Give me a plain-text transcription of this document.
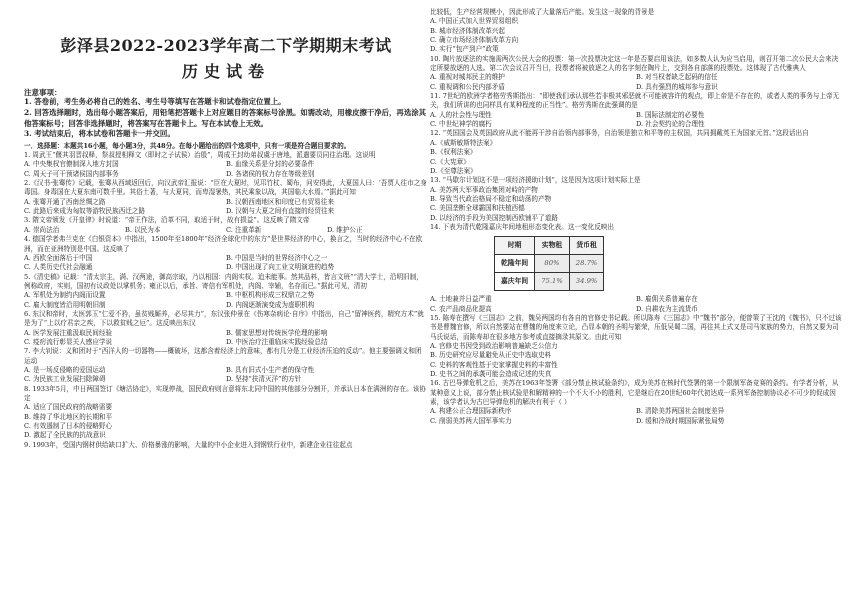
彭泽县2022-2023学年高二下学期期末考试
历史试卷
注意事项：
1. 答卷前，考生务必将自己的姓名、考生号等填写在答题卡和试卷指定位置上。
2. 回答选择题时，选出每小题答案后，用铅笔把答题卡上对应题目的答案标号涂黑。如需改动，用橡皮擦干净后，再选涂其他答案标号；回答非选择题时，将答案写在答题卡上。写在本试卷上无效。
3. 考试结束后，将本试卷和答题卡一并交回。
一．选择题：本题共16小题，每小题3分，共48分。在每小题给出的四个选项中，只有一项是符合题目要求的。
1. 周武王“偃其羽晋叔释，祭叔授相释文（即时之子试侯）治殷”，周成王封幼弟叔虞于唐地，派遣要员同往治理。这说明
A. 中央集权官僚制深入地方封国	B. 血缘关系是分封的必要条件
C. 周天子可干预诸侯国内部事务	D. 各诸侯的权力存在等级差别
2.《汉书·张骞传》记载，张骞从西域返回后，向汉武帝汇报说：“臣在大夏时，见邛竹杖、蜀布，问安得此，大夏国人曰：‘吾贾人往市之身毒国。身毒国在大夏东南可数千里。其俗土著，与大夏同，而卑湿暑热，其民乘象以战，其国临大水焉。’”据此可知
A. 张骞开通了西南丝绸之路	B. 汉朝西南地区和印度已有贸易往来
C. 此路后来成为匈奴等游牧民族西迁之路	D. 汉朝与大夏之间有直接的经贸往来
3. 隋文帝颁发《开皇律》时说道：“帝王作法，沿革不同，取适于时，故有损益”。这反映了隋文帝
A. 崇尚法治	B. 以民为本	C. 注重革新	D. 维护公正
4. 德国学者弗兰克在《白银资本》中指出，1500年至1800年“经济全球化中的东方”是世界经济的中心，换言之，当时的经济中心不在欧洲，而在亚洲特别是中国。这反映了
A. 西欧全面落后于中国	B. 中国是当时的世界经济中心之一
C. 人类历史代社会融通	D. 中国出现了向工业文明演进的趋势
5.《清史稿》记载：“清太宗主，满、汉两途，御高宗取，乃以相国：内阁实权。迨未能事。然其品料，皆言文班”“清大学士，沿明旧制，例称政府，实则，国初有议政处以掌机务；雍正以后，承旨、寄信有军机处，内阁、宰辅，名存而已。”据此可见，清初
A. 军机处为制约内阁而设置	B. 中枢机构形成三权鼎立之势
C. 雇大制度皆沿用明朝旧制	D. 内阁逐渐演变成为虚职机构
6. 东汉和帝时，太医郭玉“仁爱不矜，虽贫贱厮养，必尽其力”，东汉张仲景在《伤寒杂病论·自序》中指出，自己“留神医药，精究方术”就是为了“上以疗君亲之疾，下以救贫贱之厄”。这反映出东汉
A. 医学发展注重汲取民间经验	B. 儒家思想对传统医学伦理的影响
C. 疫疠流行彰显关人感应学说	D. 中医治疗注重临床实践经验总结
7. 李大钊说：义和团对于“西洋人的一切器物——概破坏，这都含着经济上的意味，都有几分是工业经济压迫的反动”。他主要强调义和团运动
A. 是一场反侵略的爱国运动	B. 具有旧式小生产者的保守性
C. 为民族工业发展扫除障碍	D. 坚持“扶清灭洋”的方针
8. 1933年5月，中日两国签订《塘沽协定》，实现停战，国民政府则言意将东北同中国的其他部分分割开，并承认日本在满洲的存在。该协定
A. 适应了国民政府的战略需要
B. 维持了华北地区的长期和平
C. 有效遏制了日本的侵略野心
D. 激起了全民族的抗战意识
9. 1993年，受国内钢材供给缺口扩大、价格暴涨的影响，大量的中小企业进入到钢铁行业中，新建企业往往起点
比较低，生产经营规模小，因此形成了大量落后产能。发生这一现象的背景是
A. 中国正式加入世界贸易组织
B. 城市经济体制改革兴起
C. 确立市场经济体制改革方向
D. 实行“包产到户”政策
10. 陶片放逐法的实施需两次公民大会的投票：第一次投票决定这一年是否要启用该法，如多数人认为应当启用，则召开第二次公民大会来决定所要放逐的人选。第二次会议召开当日，投票者将被放逐之人的名字刻在陶片上，交到各自部落的投票处。这体现了古代雅典人
A. 重视对城邦民主的维护	B. 对当权者缺乏起码的信任
C. 重视调和公民内部矛盾	D. 具有强烈的城邦参与意识
11. 7世纪的欧洲学者格劳秀斯指出：“即使我们承认那些若非极其邪恶就不可能被容许的观点，即上帝是不存在的，或者人类的事务与上帝无关，我们所讲的也同样具有某种程度的正当性”。格劳秀斯在此强调的是
A. 人的社会性与理性	B. 国际法制定的必要性
C. 中世纪神学的腐朽	D. 社会契约论的合理性
12. “英国国会及英国政府从此不能再干涉自治领内部事务，自治领是独立和平等的主权国，共同拥戴英王为国家元首。”这段话出自
A.《威斯敏斯特法案》
B.《权利法案》
C.《大宪章》
D.《至尊法案》
13. “马歇尔计划这不是一项经济援助计划”，这是因为这项计划实际上是
A. 美苏两大军事政治集团对峙的产物
B. 导致当代政治格局不稳定和动荡的产物
C. 美国垄断全球霸国和扶植西德
D. 以经济的手段为美国控制西欧铺平了道路
14. 下表为清代乾隆嘉庆年间地租形态变化表。这一变化反映出
时期	实物租	货币租
乾隆年间	80%	28.7%
嘉庆年间	75.1%	34.9%
A. 土地兼并日益严重	B. 雇佣关系普遍存在
C. 农产品商品化提高	D. 自耕农为主流货币
15. 陈寿在撰写《三国志》之前，魏吴两国均有各自的官修史书记载。所以陈寿《三国志》中“魏书”部分，便曾策了王沈的《魏书》，只不过该书是曹魏官修，所以自然要站在曹魏的角度来立论，凸显本朝的圣明与繁荣，压低吴蜀二国，再往其上式又是司马家族的势力，自然又要为司马氏说话，而陈寿却在很多地方参考或直接摘录其原文。由此可知
A. 官修史书因受到政治影响普遍缺乏公信力
B. 历史研究应尽量避免从正史中选取史料
C. 史料的客观性基于史家掌握史料的丰富性
D. 史书之间的承袭可能会造成记述的失真
16. 古巴导弹危机之后，美苏在1963年签署《部分禁止核试验条约》，成为美苏在核时代签署的第一个限制军备竞赛的条约。有学者分析，从某种意义上说，部分禁止核试验是和解精神的一个不大不小的胜利，它是继后在20世纪60年代初达成一系列军备控制协议必不可少的促成因素，该学者认为古巴导弹危机的解决有利于（ ）
A. 构建公正合理国际新秩序	B. 清除美苏两国社会制度差异
C. 削弱美苏两大国军事实力	D. 缓和冷战时期国际紧张局势
